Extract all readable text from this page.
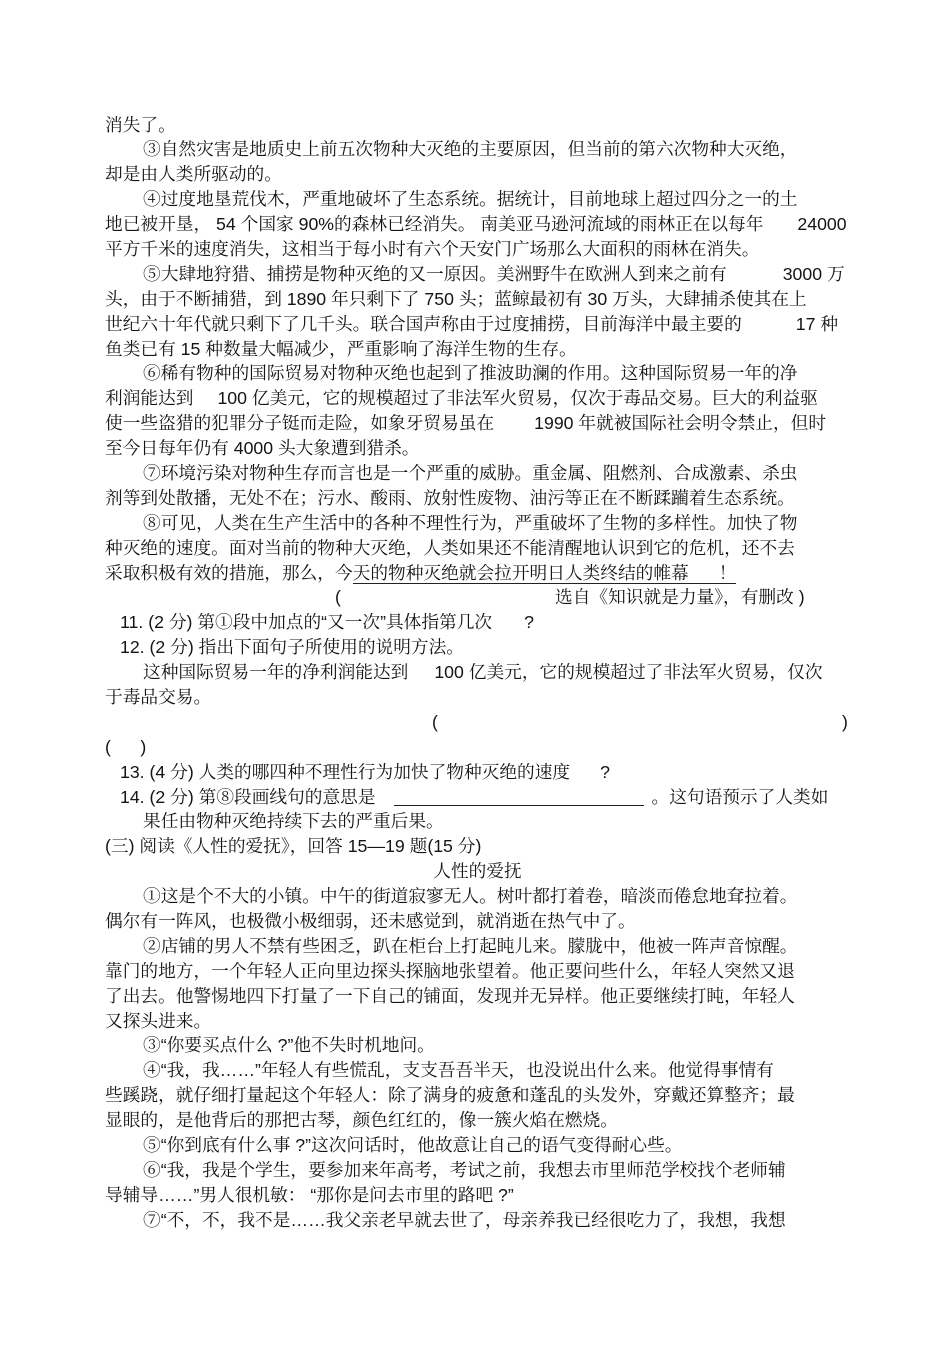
消失了。
③自然灾害是地质史上前五次物种大灭绝的主要原因，但当前的第六次物种大灭绝，
却是由人类所驱动的。
④过度地垦荒伐木，严重地破坏了生态系统。据统计，目前地球上超过四分之一的土
地已被开垦， 54 个国家 90%的森林已经消失。 南美亚马逊河流域的雨林正在以每年 24000
平方千米的速度消失，这相当于每小时有六个天安门广场那么大面积的雨林在消失。
⑤大肆地狩猎、捕捞是物种灭绝的又一原因。美洲野牛在欧洲人到来之前有	3000 万
头，由于不断捕猎，到 1890 年只剩下了 750 头；蓝鲸最初有 30 万头，大肆捕杀使其在上
世纪六十年代就只剩下了几千头。联合国声称由于过度捕捞，目前海洋中最主要的	17 种
鱼类已有 15 种数量大幅减少，严重影响了海洋生物的生存。
⑥稀有物种的国际贸易对物种灭绝也起到了推波助澜的作用。这种国际贸易一年的净
利润能达到 100 亿美元，它的规模超过了非法军火贸易，仅次于毒品交易。巨大的利益驱
使一些盗猎的犯罪分子铤而走险，如象牙贸易虽在 1990 年就被国际社会明令禁止，但时
至今日每年仍有 4000 头大象遭到猎杀。
⑦环境污染对物种生存而言也是一个严重的威胁。重金属、阻燃剂、合成激素、杀虫
剂等到处散播，无处不在；污水、酸雨、放射性废物、油污等正在不断蹂躏着生态系统。
⑧可见，人类在生产生活中的各种不理性行为，严重破坏了生物的多样性。加快了物
种灭绝的速度。面对当前的物种大灭绝，人类如果还不能清醒地认识到它的危机，还不去
采取积极有效的措施，那么，今天的物种灭绝就会拉开明日人类终结的帷幕 ！
(	选自《知识就是力量》，有删改 )
11. (2 分) 第①段中加点的“又一次”具体指第几次 ?
12. (2 分) 指出下面句子所使用的说明方法。
这种国际贸易一年的净利润能达到 100 亿美元，它的规模超过了非法军火贸易，仅次
于毒品交易。
(	)
(      )
13. (4 分) 人类的哪四种不理性行为加快了物种灭绝的速度 ?
14. (2 分) 第⑧段画线句的意思是	。这句语预示了人类如
果任由物种灭绝持续下去的严重后果。
(三) 阅读《人性的爱抚》，回答 15—19 题(15 分)
人性的爱抚
①这是个不大的小镇。中午的街道寂寥无人。树叶都打着卷，暗淡而倦怠地耷拉着。
偶尔有一阵风，也极微小极细弱，还未感觉到，就消逝在热气中了。
②店铺的男人不禁有些困乏，趴在柜台上打起盹儿来。朦胧中，他被一阵声音惊醒。
靠门的地方，一个年轻人正向里边探头探脑地张望着。他正要问些什么，年轻人突然又退
了出去。他警惕地四下打量了一下自己的铺面，发现并无异样。他正要继续打盹，年轻人
又探头进来。
③“你要买点什么 ?”他不失时机地问。
④“我，我……”年轻人有些慌乱，支支吾吾半天，也没说出什么来。他觉得事情有
些蹊跷，就仔细打量起这个年轻人：除了满身的疲惫和蓬乱的头发外，穿戴还算整齐；最
显眼的，是他背后的那把古琴，颜色红红的，像一簇火焰在燃烧。
⑤“你到底有什么事 ?”这次问话时，他故意让自己的语气变得耐心些。
⑥“我，我是个学生，要参加来年高考，考试之前，我想去市里师范学校找个老师辅
导辅导……”男人很机敏： “那你是问去市里的路吧 ?”
⑦“不，不，我不是……我父亲老早就去世了，母亲养我已经很吃力了，我想，我想
